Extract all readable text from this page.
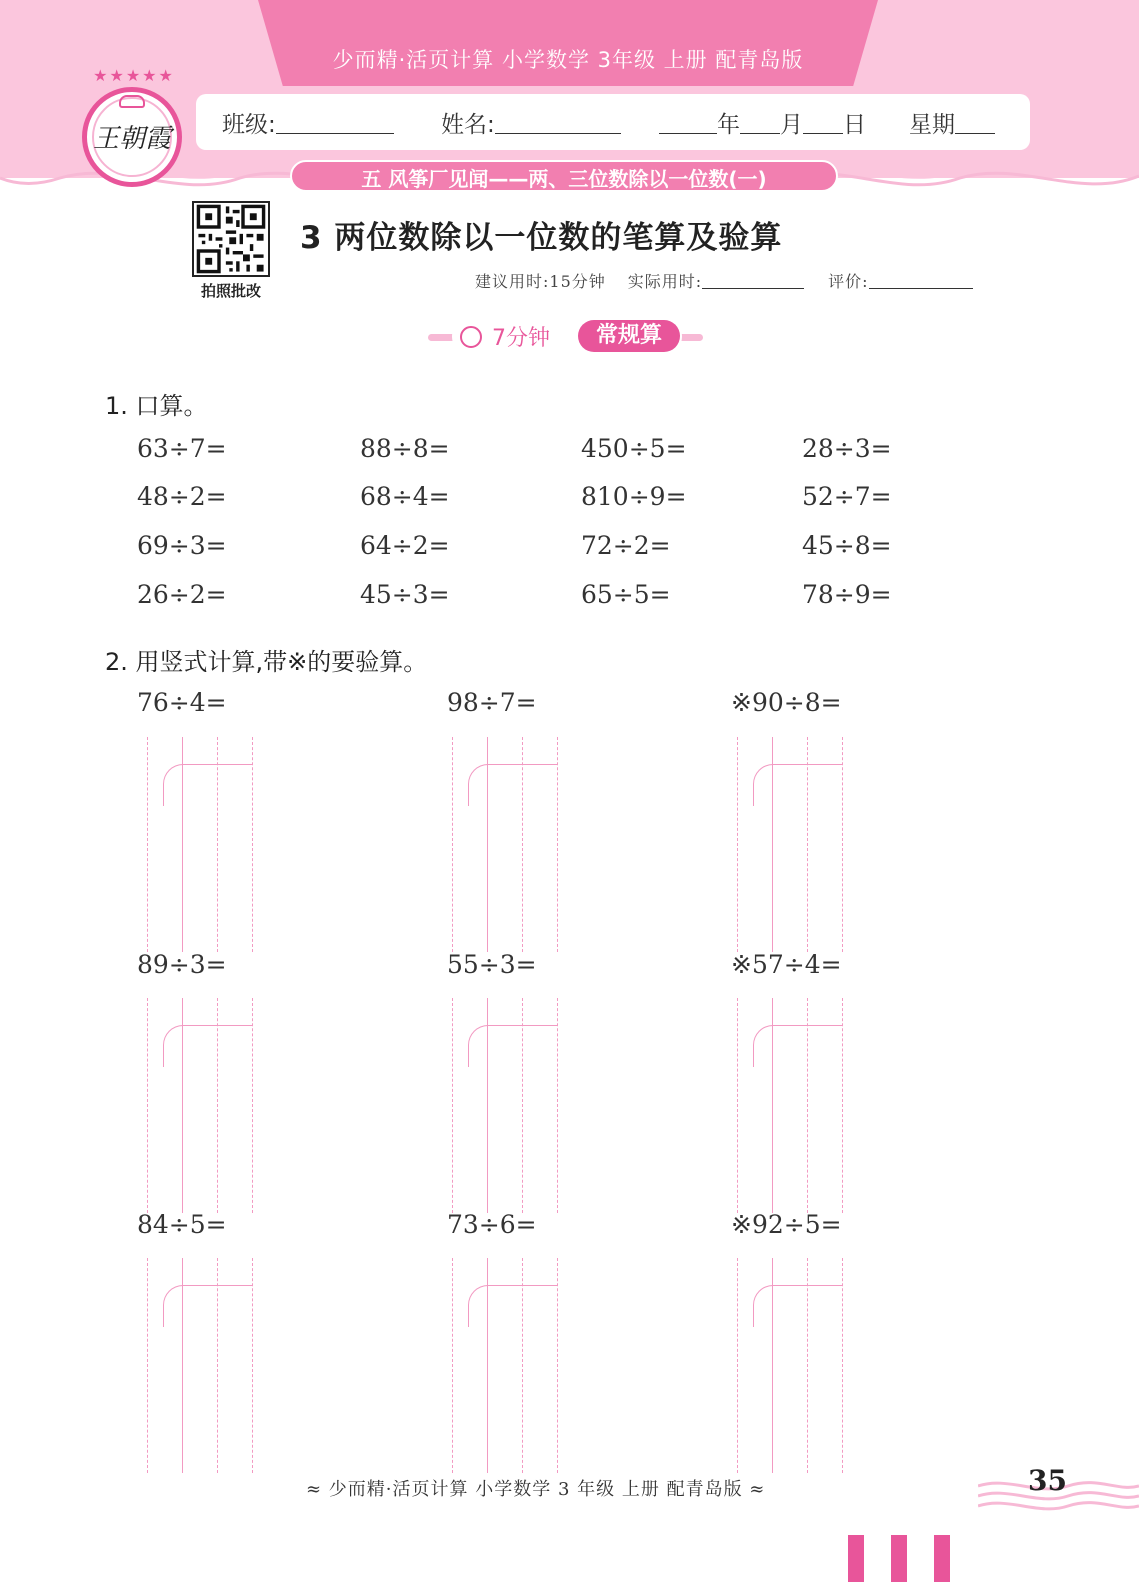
少而精·活页计算 小学数学 3年级 上册 配青岛版
班级:	姓名:	年 月 日 星期
五 风筝厂见闻——两、三位数除以一位数(一)
★★★★★
王朝霞
拍照批改
3 两位数除以一位数的笔算及验算
建议用时:15分钟 实际用时:	评价:
7分钟	常规算
1. 口算。
63÷7=	88÷8=	450÷5=	28÷3=
48÷2=	68÷4=	810÷9=	52÷7=
69÷3=	64÷2=	72÷2=	45÷8=
26÷2=	45÷3=	65÷5=	78÷9=
2. 用竖式计算,带※的要验算。
76÷4=	98÷7=	※90÷8=
89÷3=	55÷3=	※57÷4=
84÷5=	73÷6=	※92÷5=
≈ 少而精·活页计算 小学数学 3 年级 上册 配青岛版 ≈	35
